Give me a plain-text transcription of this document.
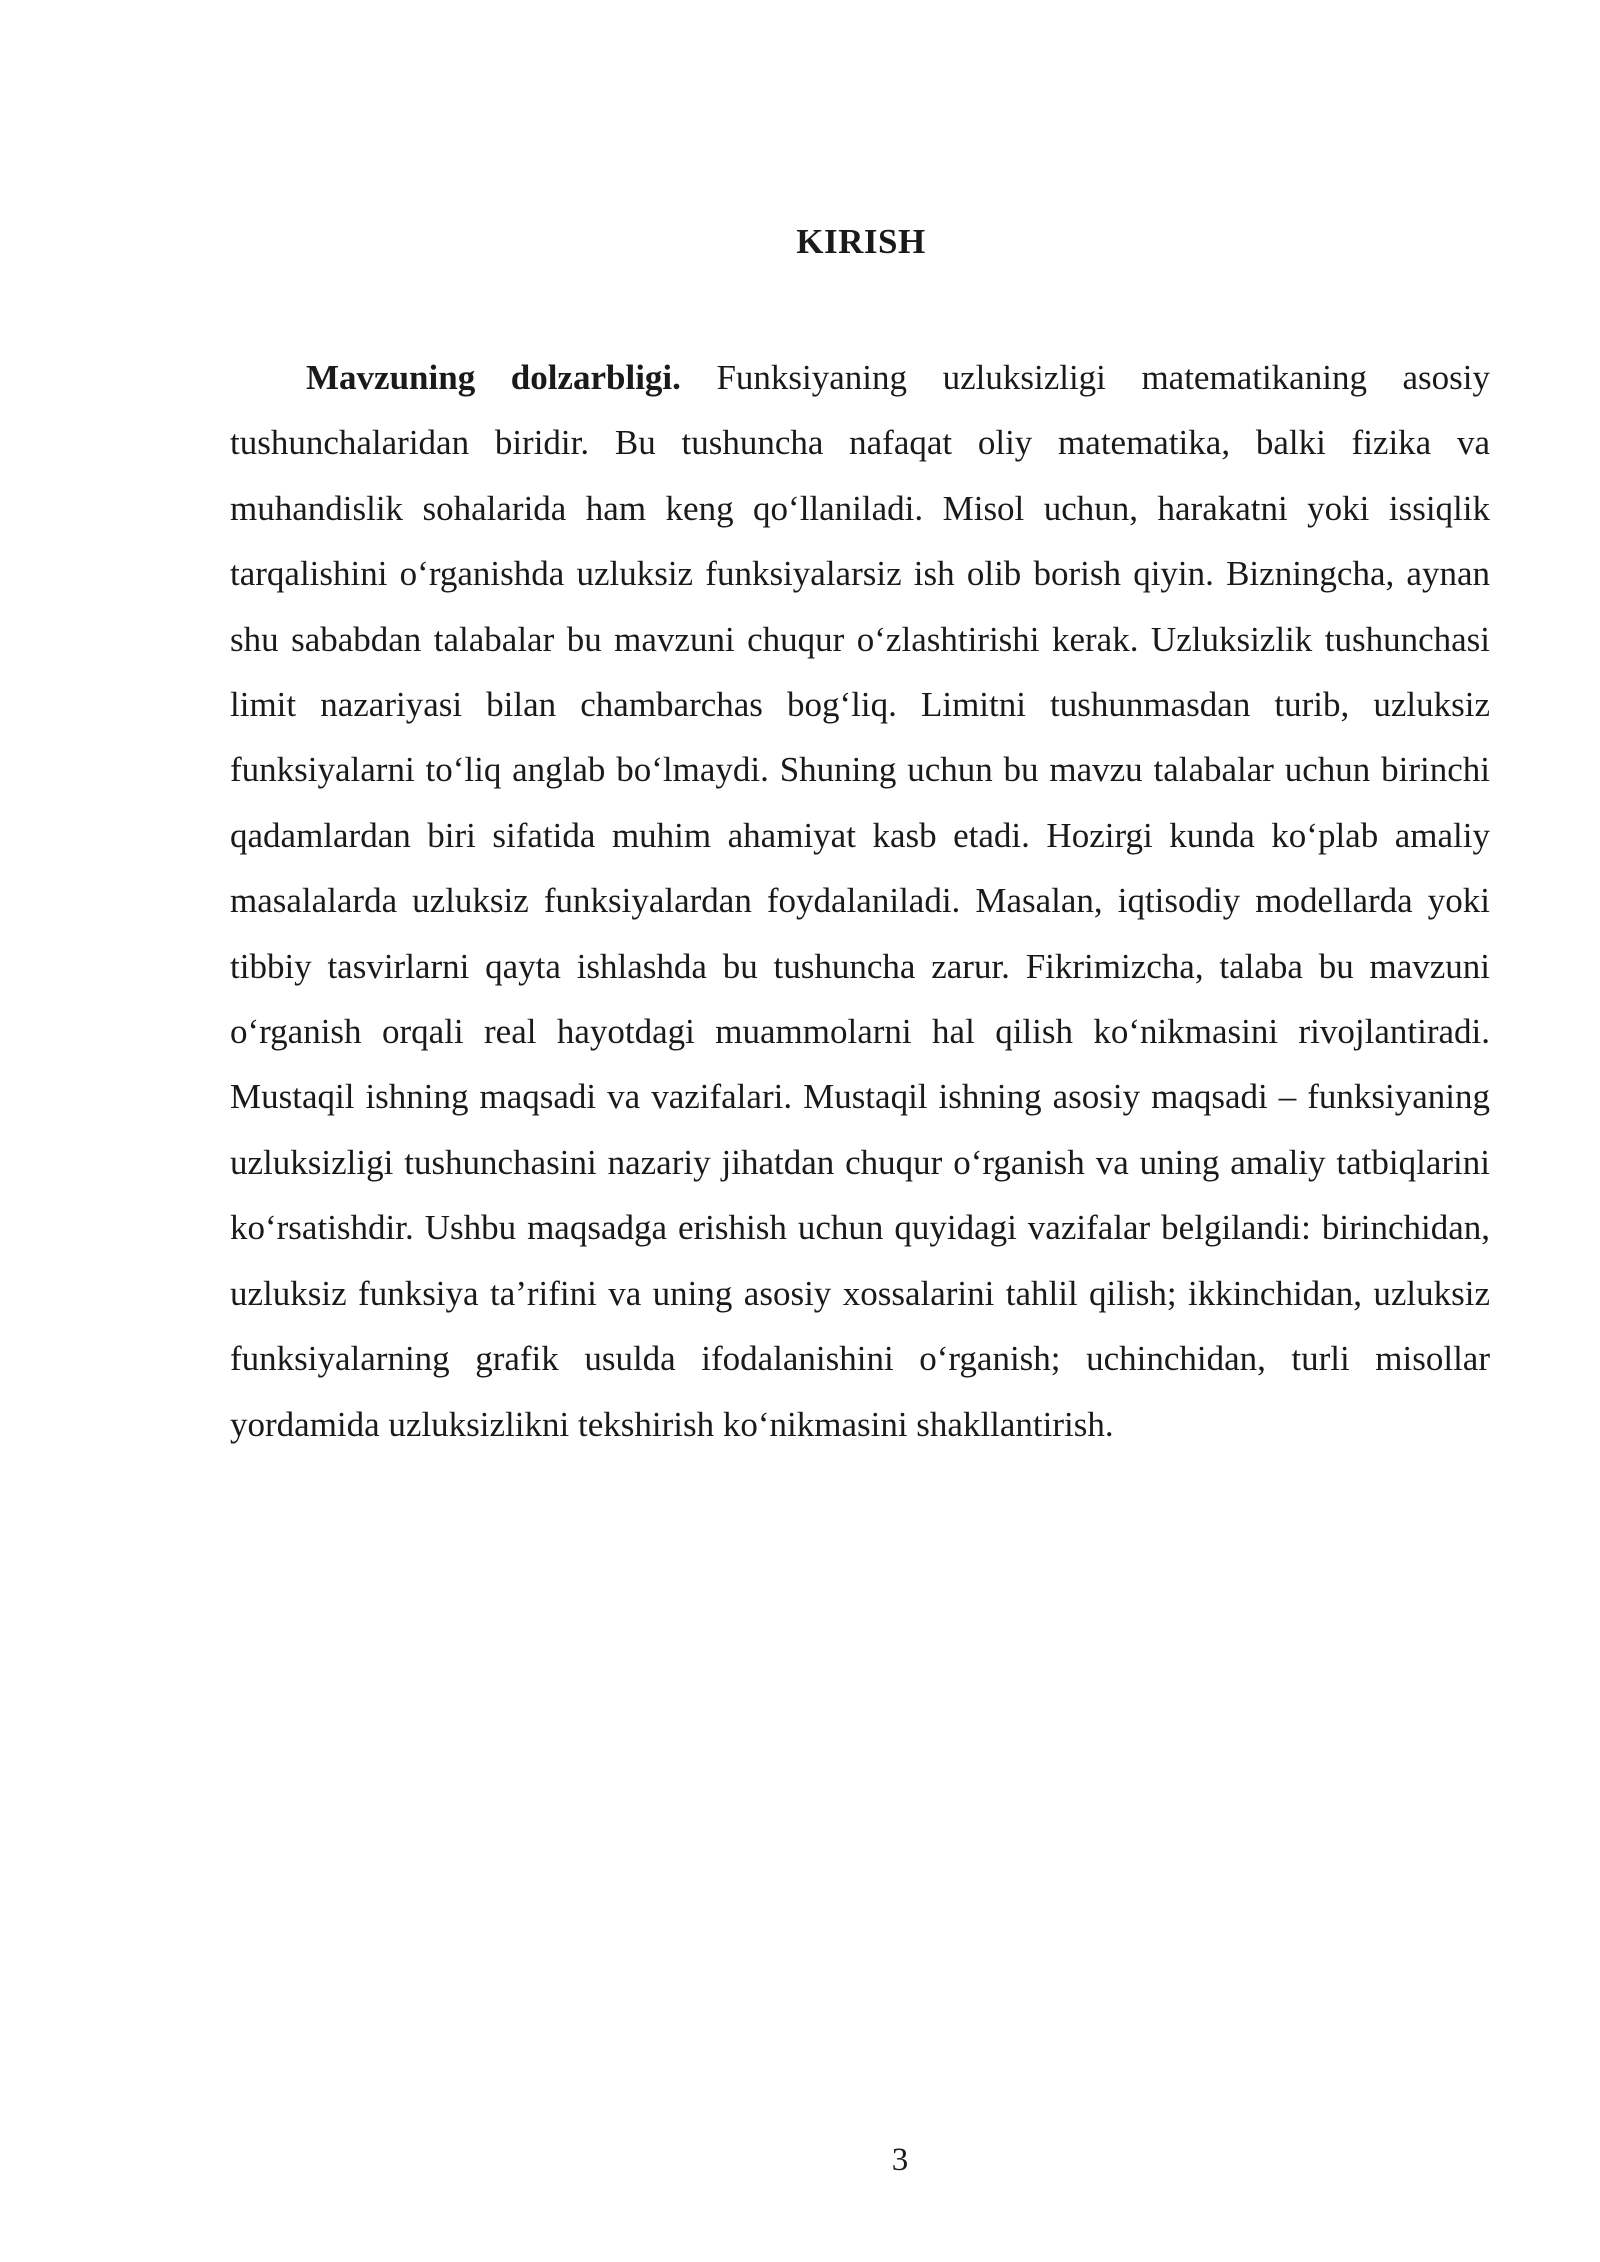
KIRISH

Mavzuning dolzarbligi. Funksiyaning uzluksizligi matematikaning asosiy tushunchalaridan biridir. Bu tushuncha nafaqat oliy matematika, balki fizika va muhandislik sohalarida ham keng qo‘llaniladi. Misol uchun, harakatni yoki issiqlik tarqalishini o‘rganishda uzluksiz funksiyalarsiz ish olib borish qiyin. Bizningcha, aynan shu sababdan talabalar bu mavzuni chuqur o‘zlashtirishi kerak. Uzluksizlik tushunchasi limit nazariyasi bilan chambarchas bog‘liq. Limitni tushunmasdan turib, uzluksiz funksiyalarni to‘liq anglab bo‘lmaydi. Shuning uchun bu mavzu talabalar uchun birinchi qadamlardan biri sifatida muhim ahamiyat kasb etadi. Hozirgi kunda ko‘plab amaliy masalalarda uzluksiz funksiyalardan foydalaniladi. Masalan, iqtisodiy modellarda yoki tibbiy tasvirlarni qayta ishlashda bu tushuncha zarur. Fikrimizcha, talaba bu mavzuni o‘rganish orqali real hayotdagi muammolarni hal qilish ko‘nikmasini rivojlantiradi. Mustaqil ishning maqsadi va vazifalari. Mustaqil ishning asosiy maqsadi – funksiyaning uzluksizligi tushunchasini nazariy jihatdan chuqur o‘rganish va uning amaliy tatbiqlarini ko‘rsatishdir. Ushbu maqsadga erishish uchun quyidagi vazifalar belgilandi: birinchidan, uzluksiz funksiya ta’rifini va uning asosiy xossalarini tahlil qilish; ikkinchidan, uzluksiz funksiyalarning grafik usulda ifodalanishini o‘rganish; uchinchidan, turli misollar yordamida uzluksizlikni tekshirish ko‘nikmasini shakllantirish.

3
